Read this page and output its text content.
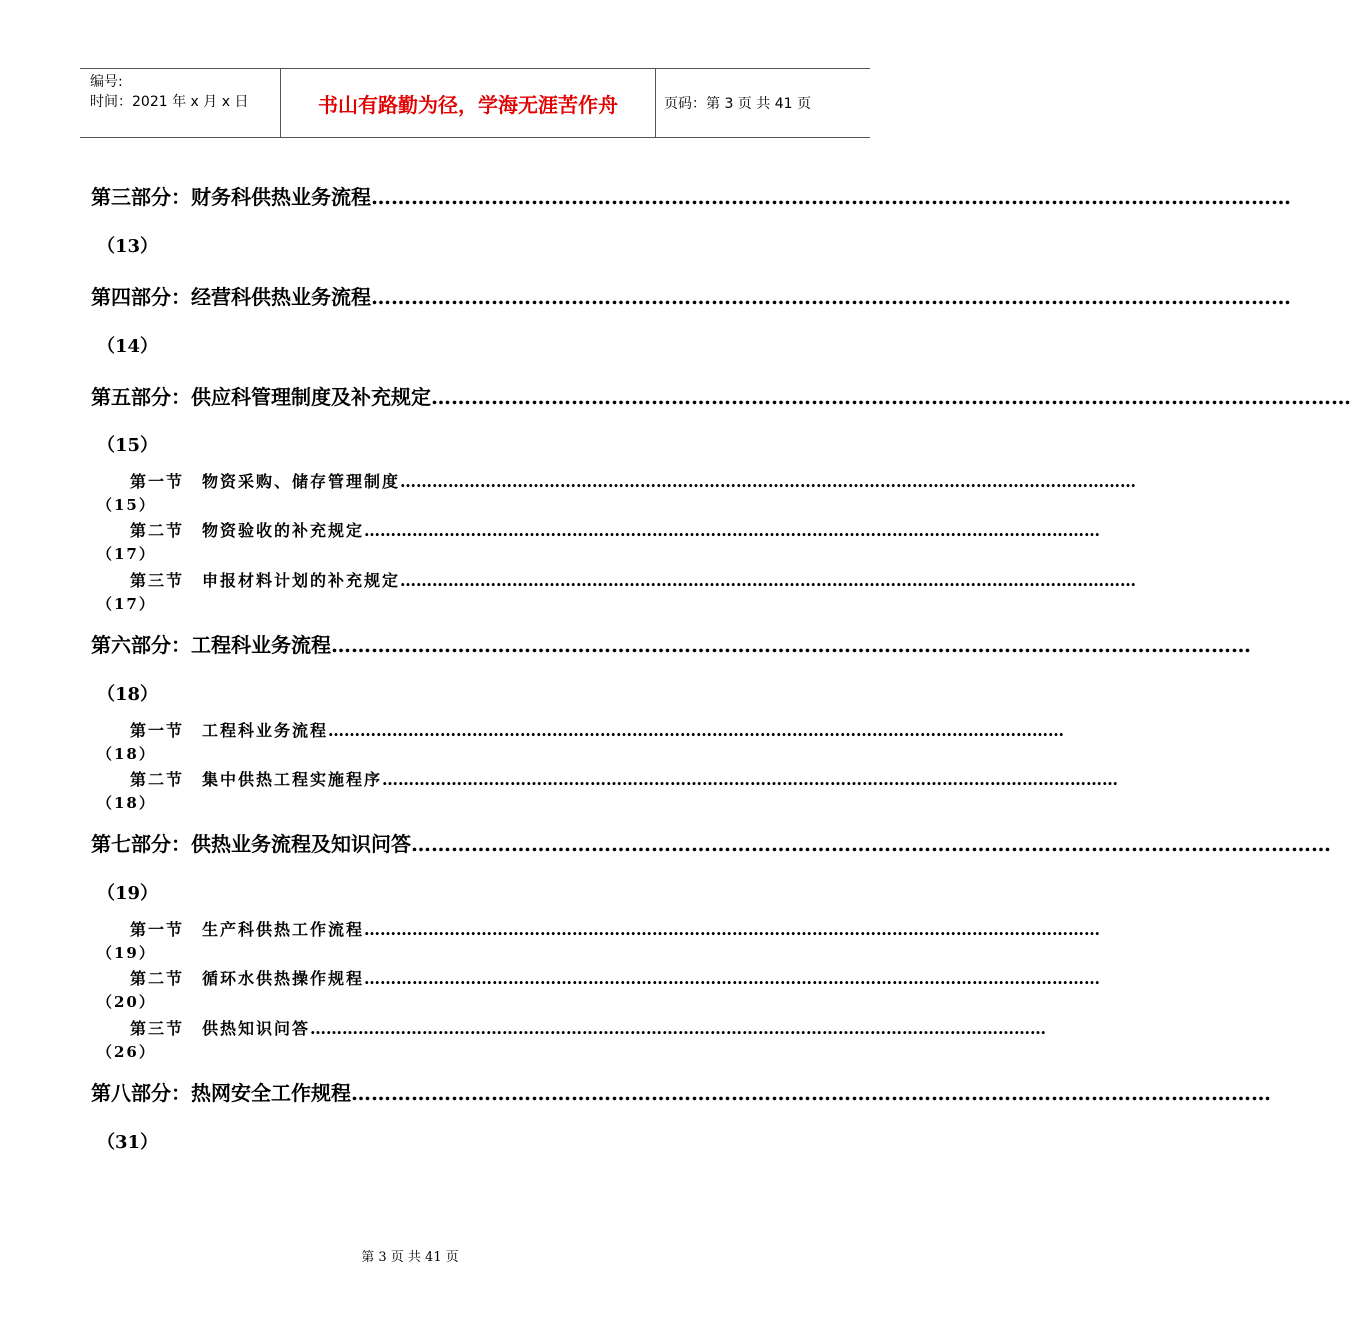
编号:
时间：2021 年 x 月 x 日	书山有路勤为径，学海无涯苦作舟	页码：第 3 页 共 41 页
第三部分：财务科供热业务流程…………………………………………………………………………………………………………………………
（13）
第四部分：经营科供热业务流程…………………………………………………………………………………………………………………………
（14）
第五部分：供应科管理制度及补充规定…………………………………………………………………………………………………………………………
（15）
第一节　物资采购、储存管理制度…………………………………………………………………………………………………………………………
（15）
第二节　物资验收的补充规定…………………………………………………………………………………………………………………………
（17）
第三节　申报材料计划的补充规定…………………………………………………………………………………………………………………………
（17）
第六部分：工程科业务流程…………………………………………………………………………………………………………………………
（18）
第一节　工程科业务流程…………………………………………………………………………………………………………………………
（18）
第二节　集中供热工程实施程序…………………………………………………………………………………………………………………………
（18）
第七部分：供热业务流程及知识问答…………………………………………………………………………………………………………………………
（19）
第一节　生产科供热工作流程…………………………………………………………………………………………………………………………
（19）
第二节　循环水供热操作规程…………………………………………………………………………………………………………………………
（20）
第三节　供热知识问答…………………………………………………………………………………………………………………………
（26）
第八部分：热网安全工作规程…………………………………………………………………………………………………………………………
（31）
第 3 页 共 41 页
